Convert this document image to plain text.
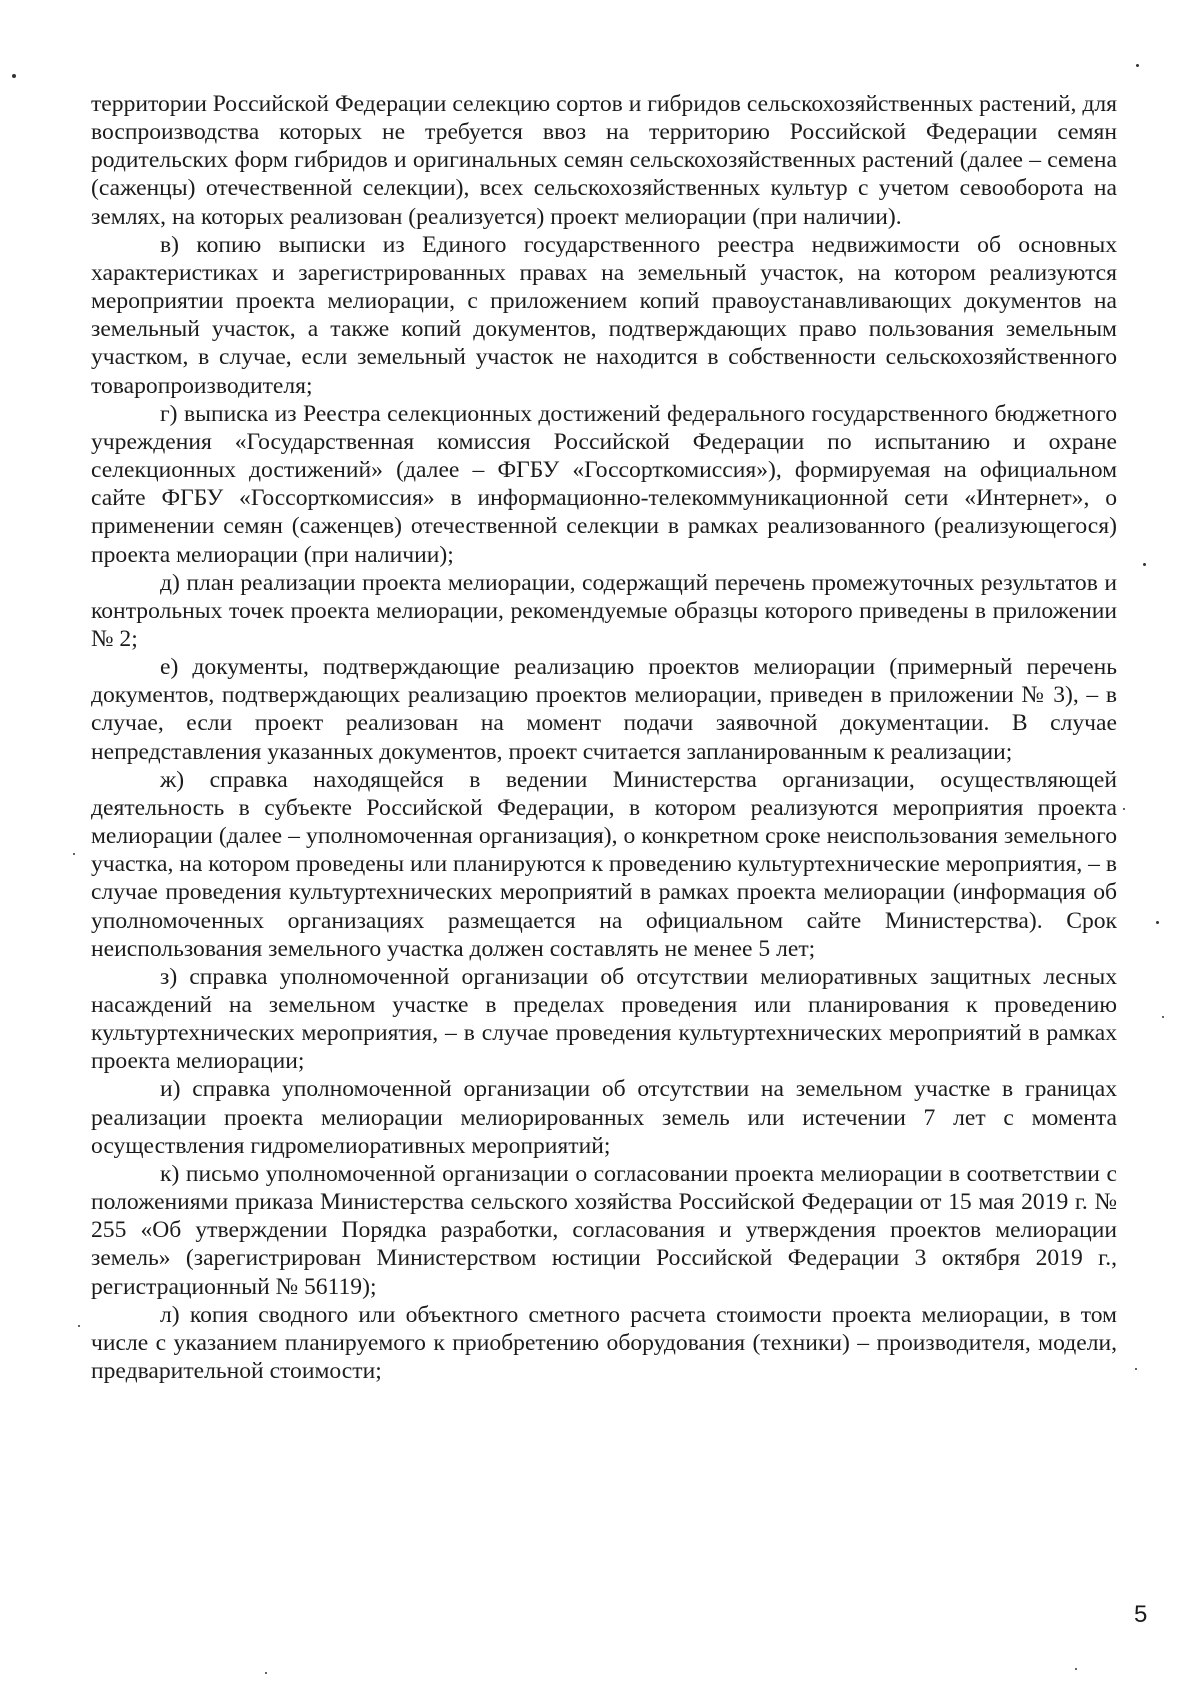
территории Российской Федерации селекцию сортов и гибридов сельскохозяйственных растений, для воспроизводства которых не требуется ввоз на территорию Российской Федерации семян родительских форм гибридов и оригинальных семян сельскохозяйственных растений (далее – семена (саженцы) отечественной селекции), всех сельскохозяйственных культур с учетом севооборота на землях, на которых реализован (реализуется) проект мелиорации (при наличии).

в) копию выписки из Единого государственного реестра недвижимости об основных характеристиках и зарегистрированных правах на земельный участок, на котором реализуются мероприятии проекта мелиорации, с приложением копий правоустанавливающих документов на земельный участок, а также копий документов, подтверждающих право пользования земельным участком, в случае, если земельный участок не находится в собственности сельскохозяйственного товаропроизводителя;

г) выписка из Реестра селекционных достижений федерального государственного бюджетного учреждения «Государственная комиссия Российской Федерации по испытанию и охране селекционных достижений» (далее – ФГБУ «Госсорткомиссия»), формируемая на официальном сайте ФГБУ «Госсорткомиссия» в информационно-телекоммуникационной сети «Интернет», о применении семян (саженцев) отечественной селекции в рамках реализованного (реализующегося) проекта мелиорации (при наличии);

д) план реализации проекта мелиорации, содержащий перечень промежуточных результатов и контрольных точек проекта мелиорации, рекомендуемые образцы которого приведены в приложении № 2;

е) документы, подтверждающие реализацию проектов мелиорации (примерный перечень документов, подтверждающих реализацию проектов мелиорации, приведен в приложении № 3), – в случае, если проект реализован на момент подачи заявочной документации. В случае непредставления указанных документов, проект считается запланированным к реализации;

ж) справка находящейся в ведении Министерства организации, осуществляющей деятельность в субъекте Российской Федерации, в котором реализуются мероприятия проекта мелиорации (далее – уполномоченная организация), о конкретном сроке неиспользования земельного участка, на котором проведены или планируются к проведению культуртехнические мероприятия, – в случае проведения культуртехнических мероприятий в рамках проекта мелиорации (информация об уполномоченных организациях размещается на официальном сайте Министерства). Срок неиспользования земельного участка должен составлять не менее 5 лет;

з) справка уполномоченной организации об отсутствии мелиоративных защитных лесных насаждений на земельном участке в пределах проведения или планирования к проведению культуртехнических мероприятия, – в случае проведения культуртехнических мероприятий в рамках проекта мелиорации;

и) справка уполномоченной организации об отсутствии на земельном участке в границах реализации проекта мелиорации мелиорированных земель или истечении 7 лет с момента осуществления гидромелиоративных мероприятий;

к) письмо уполномоченной организации о согласовании проекта мелиорации в соответствии с положениями приказа Министерства сельского хозяйства Российской Федерации от 15 мая 2019 г. № 255 «Об утверждении Порядка разработки, согласования и утверждения проектов мелиорации земель» (зарегистрирован Министерством юстиции Российской Федерации 3 октября 2019 г., регистрационный № 56119);

л) копия сводного или объектного сметного расчета стоимости проекта мелиорации, в том числе с указанием планируемого к приобретению оборудования (техники) – производителя, модели, предварительной стоимости;

5
